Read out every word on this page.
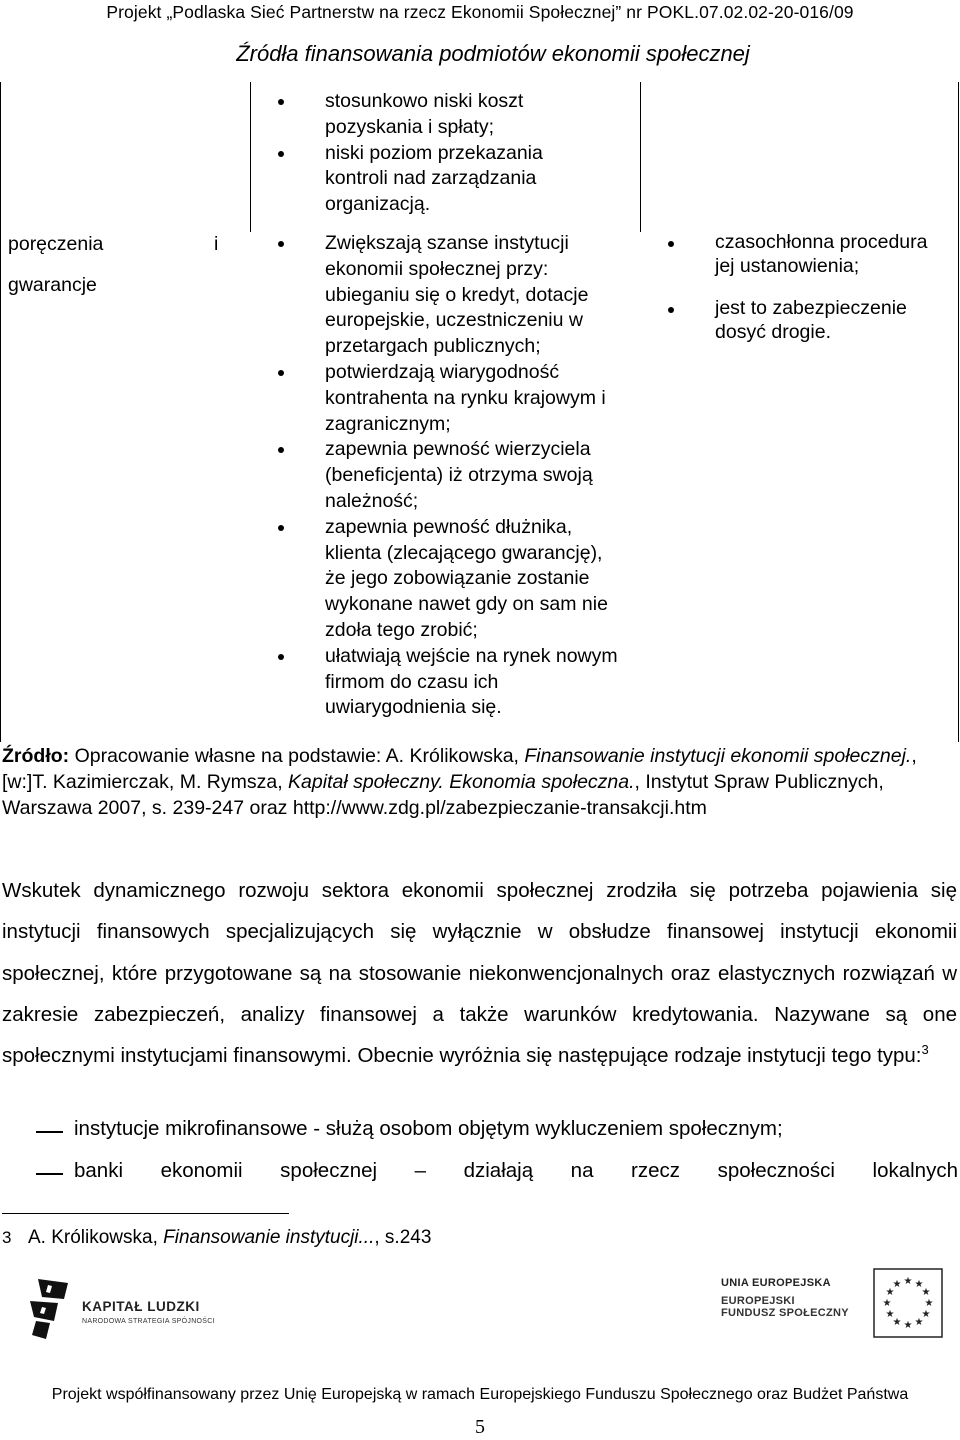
Projekt „Podlaska Sieć Partnerstw na rzecz Ekonomii Społecznej” nr POKL.07.02.02-20-016/09
Źródła finansowania podmiotów ekonomii społecznej
stosunkowo niski koszt pozyskania i spłaty;
niski poziom przekazania kontroli nad zarządzania organizacją.
poręczenia	i
gwarancje
Zwiększają szanse instytucji ekonomii społecznej przy: ubieganiu się o kredyt, dotacje europejskie, uczestniczeniu w przetargach publicznych;
potwierdzają wiarygodność kontrahenta na rynku krajowym i zagranicznym;
zapewnia pewność wierzyciela (beneficjenta) iż otrzyma swoją należność;
zapewnia pewność dłużnika, klienta (zlecającego gwarancję), że jego zobowiązanie zostanie wykonane nawet gdy on sam nie zdoła tego zrobić;
ułatwiają wejście na rynek nowym firmom do czasu ich uwiarygodnienia się.
czasochłonna procedura jej ustanowienia;
jest to zabezpieczenie dosyć drogie.
Źródło: Opracowanie własne na podstawie: A. Królikowska, Finansowanie instytucji ekonomii społecznej., [w:]T. Kazimierczak, M. Rymsza, Kapitał społeczny. Ekonomia społeczna., Instytut Spraw Publicznych, Warszawa 2007, s. 239-247 oraz http://www.zdg.pl/zabezpieczanie-transakcji.htm
Wskutek dynamicznego rozwoju sektora ekonomii społecznej zrodziła się potrzeba pojawienia się instytucji finansowych specjalizujących się wyłącznie w obsłudze finansowej instytucji ekonomii społecznej, które przygotowane są na stosowanie niekonwencjonalnych oraz elastycznych rozwiązań w zakresie zabezpieczeń, analizy finansowej a także warunków kredytowania. Nazywane są one społecznymi instytucjami finansowymi. Obecnie wyróżnia się następujące rodzaje instytucji tego typu:$^3$
instytucje mikrofinansowe - służą osobom objętym wykluczeniem społecznym;
banki ekonomii społecznej – działają na rzecz społeczności lokalnych
3 A. Królikowska, Finansowanie instytucji..., s.243
KAPITAŁ LUDZKI
NARODOWA STRATEGIA SPÓJNOŚCI
UNIA EUROPEJSKA
EUROPEJSKI
FUNDUSZ SPOŁECZNY
★ ★
★
★
★
★
★
★
★
★
★
★
Projekt współfinansowany przez Unię Europejską w ramach Europejskiego Funduszu Społecznego oraz Budżet Państwa
5
